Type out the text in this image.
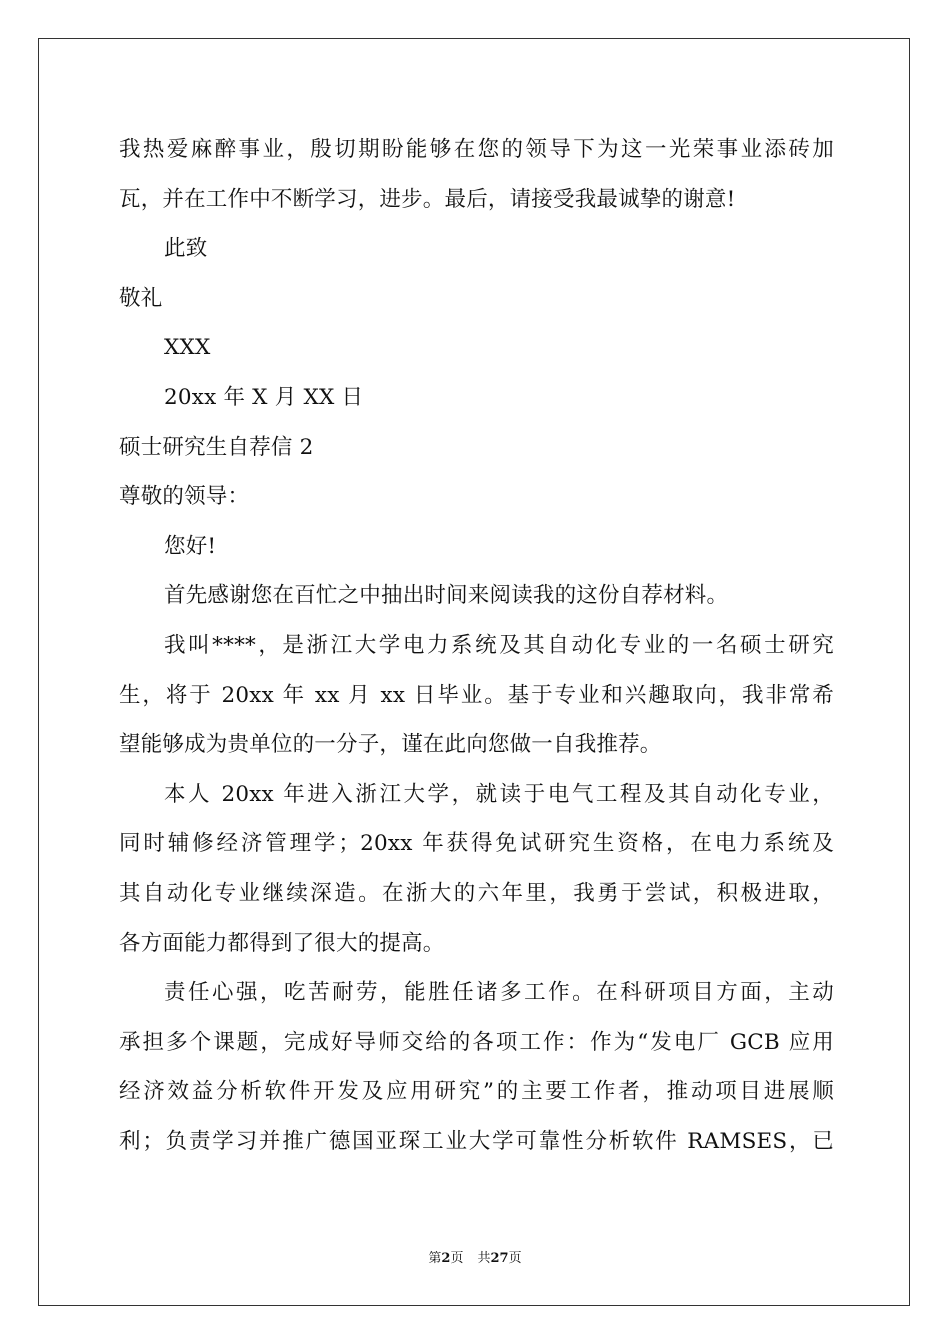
我热爱麻醉事业，殷切期盼能够在您的领导下为这一光荣事业添砖加
瓦，并在工作中不断学习，进步。最后，请接受我最诚挚的谢意!
此致
敬礼
XXX
20xx 年 X 月 XX 日
硕士研究生自荐信 2
尊敬的领导：
您好!
首先感谢您在百忙之中抽出时间来阅读我的这份自荐材料。
我叫****，是浙江大学电力系统及其自动化专业的一名硕士研究
生，将于 20xx 年 xx 月 xx 日毕业。基于专业和兴趣取向，我非常希
望能够成为贵单位的一分子，谨在此向您做一自我推荐。
本人 20xx 年进入浙江大学，就读于电气工程及其自动化专业，
同时辅修经济管理学；20xx 年获得免试研究生资格，在电力系统及
其自动化专业继续深造。在浙大的六年里，我勇于尝试，积极进取，
各方面能力都得到了很大的提高。
责任心强，吃苦耐劳，能胜任诸多工作。在科研项目方面，主动
承担多个课题，完成好导师交给的各项工作：作为“发电厂 GCB 应用
经济效益分析软件开发及应用研究”的主要工作者，推动项目进展顺
利；负责学习并推广德国亚琛工业大学可靠性分析软件 RAMSES，已
第2页 共27页
